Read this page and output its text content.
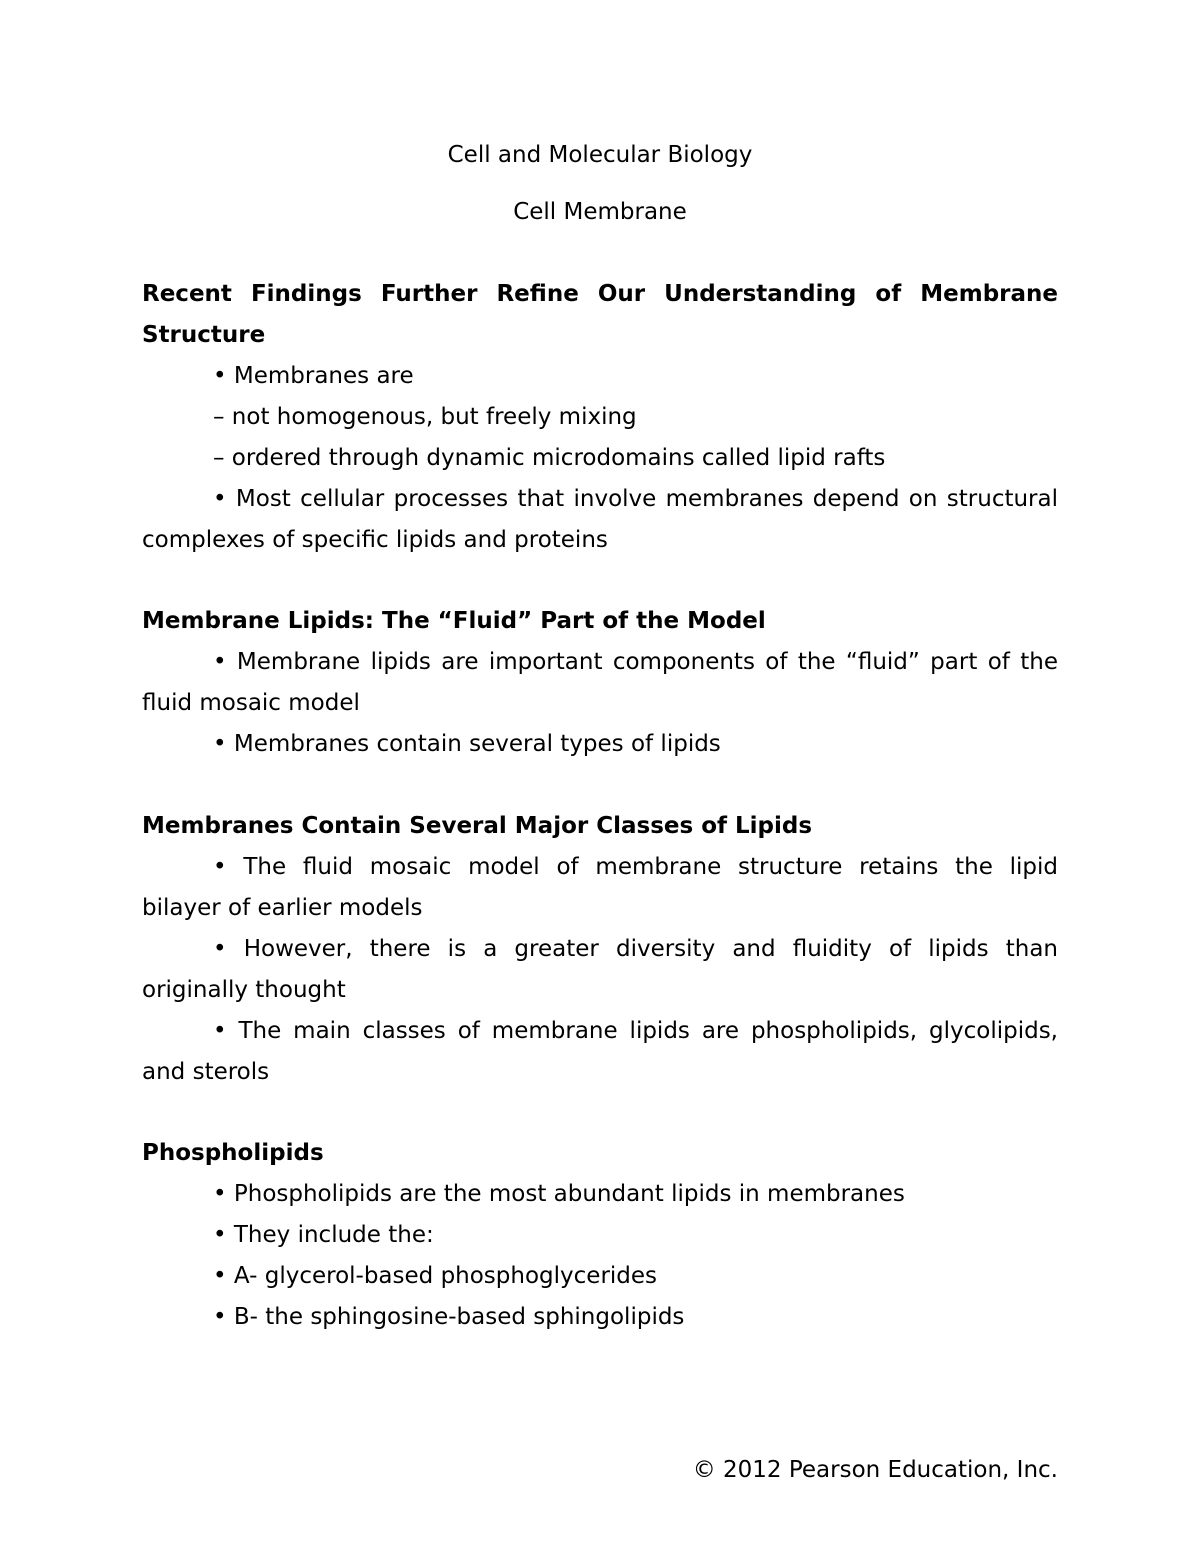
Cell and Molecular Biology
Cell Membrane
Recent Findings Further Refine Our Understanding of Membrane
Structure
• Membranes are
– not homogenous, but freely mixing
– ordered through dynamic microdomains called lipid rafts
• Most cellular processes that involve membranes depend on structural
complexes of specific lipids and proteins
Membrane Lipids: The “Fluid” Part of the Model
• Membrane lipids are important components of the “fluid” part of the
fluid mosaic model
• Membranes contain several types of lipids
Membranes Contain Several Major Classes of Lipids
• The fluid mosaic model of membrane structure retains the lipid
bilayer of earlier models
• However, there is a greater diversity and fluidity of lipids than
originally thought
• The main classes of membrane lipids are phospholipids, glycolipids,
and sterols
Phospholipids
• Phospholipids are the most abundant lipids in membranes
• They include the:
• A- glycerol-based phosphoglycerides
• B- the sphingosine-based sphingolipids
© 2012 Pearson Education, Inc.
